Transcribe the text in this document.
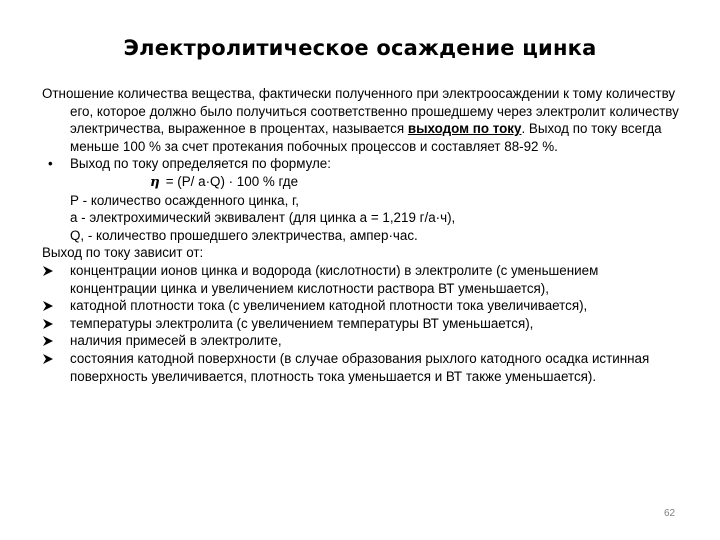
Электролитическое осаждение цинка

Отношение количества вещества, фактически полученного при электроосаждении к тому количеству его, которое должно было получиться соответственно прошедшему через электролит количеству электричества, выраженное в процентах, называется выходом по току. Выход по току всегда меньше 100 % за счет протекания побочных процессов и составляет 88-92 %.

•	Выход по току определяется по формуле:
η = (P/ a·Q) · 100 % где
Р - количество осажденного цинка, г,
а - электрохимический эквивалент (для цинка а = 1,219 г/а·ч),
Q, - количество прошедшего электричества, ампер·час.
Выход по току зависит от:
концентрации ионов цинка и водорода (кислотности) в электролите (с уменьшением концентрации цинка и увеличением кислотности раствора ВТ уменьшается),
катодной плотности тока (с увеличением катодной плотности тока увеличивается),
температуры электролита (с увеличением температуры ВТ уменьшается),
наличия примесей в электролите,
состояния катодной поверхности (в случае образования рыхлого катодного осадка истинная поверхность увеличивается, плотность тока уменьшается и ВТ также уменьшается).
62
